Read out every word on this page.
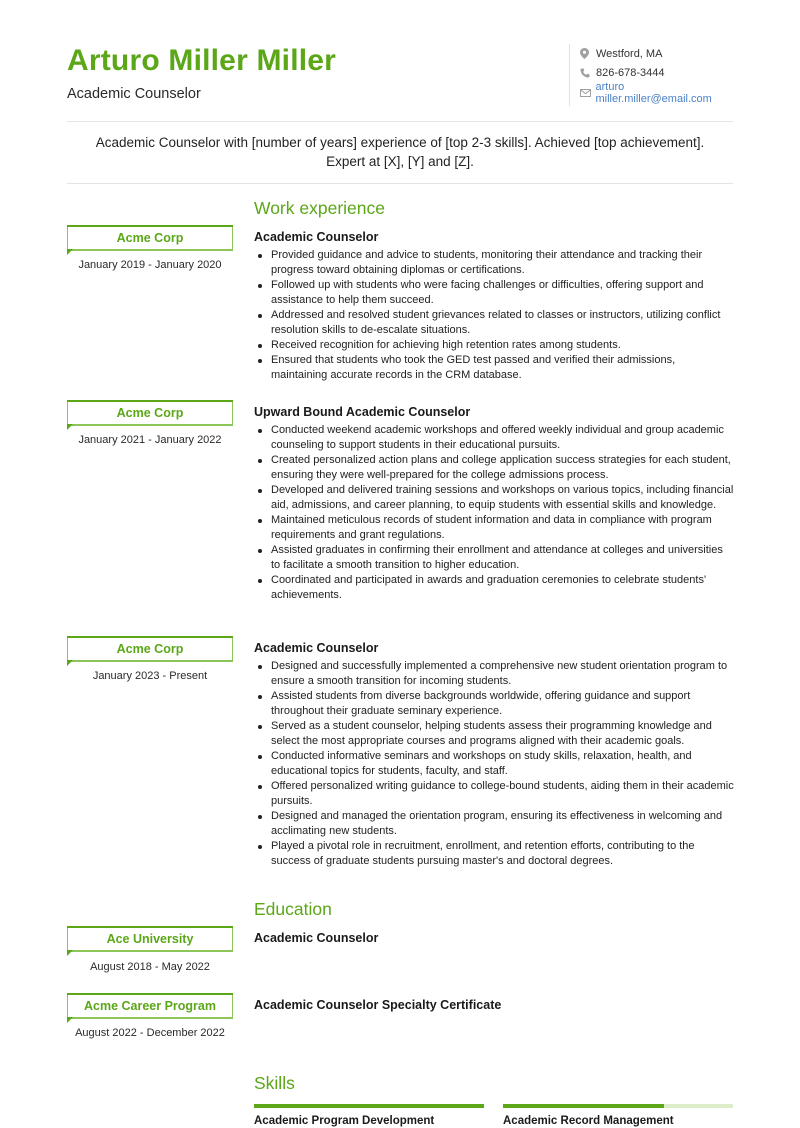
Arturo Miller Miller
Academic Counselor
Westford, MA
826-678-3444
arturo miller.miller@email.com
Academic Counselor with [number of years] experience of [top 2-3 skills]. Achieved [top achievement]. Expert at [X], [Y] and [Z].
Work experience
Acme Corp
January 2019 - January 2020
Academic Counselor
Provided guidance and advice to students, monitoring their attendance and tracking their progress toward obtaining diplomas or certifications.
Followed up with students who were facing challenges or difficulties, offering support and assistance to help them succeed.
Addressed and resolved student grievances related to classes or instructors, utilizing conflict resolution skills to de-escalate situations.
Received recognition for achieving high retention rates among students.
Ensured that students who took the GED test passed and verified their admissions, maintaining accurate records in the CRM database.
Acme Corp
January 2021 - January 2022
Upward Bound Academic Counselor
Conducted weekend academic workshops and offered weekly individual and group academic counseling to support students in their educational pursuits.
Created personalized action plans and college application success strategies for each student, ensuring they were well-prepared for the college admissions process.
Developed and delivered training sessions and workshops on various topics, including financial aid, admissions, and career planning, to equip students with essential skills and knowledge.
Maintained meticulous records of student information and data in compliance with program requirements and grant regulations.
Assisted graduates in confirming their enrollment and attendance at colleges and universities to facilitate a smooth transition to higher education.
Coordinated and participated in awards and graduation ceremonies to celebrate students' achievements.
Acme Corp
January 2023 - Present
Academic Counselor
Designed and successfully implemented a comprehensive new student orientation program to ensure a smooth transition for incoming students.
Assisted students from diverse backgrounds worldwide, offering guidance and support throughout their graduate seminary experience.
Served as a student counselor, helping students assess their programming knowledge and select the most appropriate courses and programs aligned with their academic goals.
Conducted informative seminars and workshops on study skills, relaxation, health, and educational topics for students, faculty, and staff.
Offered personalized writing guidance to college-bound students, aiding them in their academic pursuits.
Designed and managed the orientation program, ensuring its effectiveness in welcoming and acclimating new students.
Played a pivotal role in recruitment, enrollment, and retention efforts, contributing to the success of graduate students pursuing master's and doctoral degrees.
Education
Ace University
August 2018 - May 2022
Academic Counselor
Acme Career Program
August 2022 - December 2022
Academic Counselor Specialty Certificate
Skills
Academic Program Development	Academic Record Management
